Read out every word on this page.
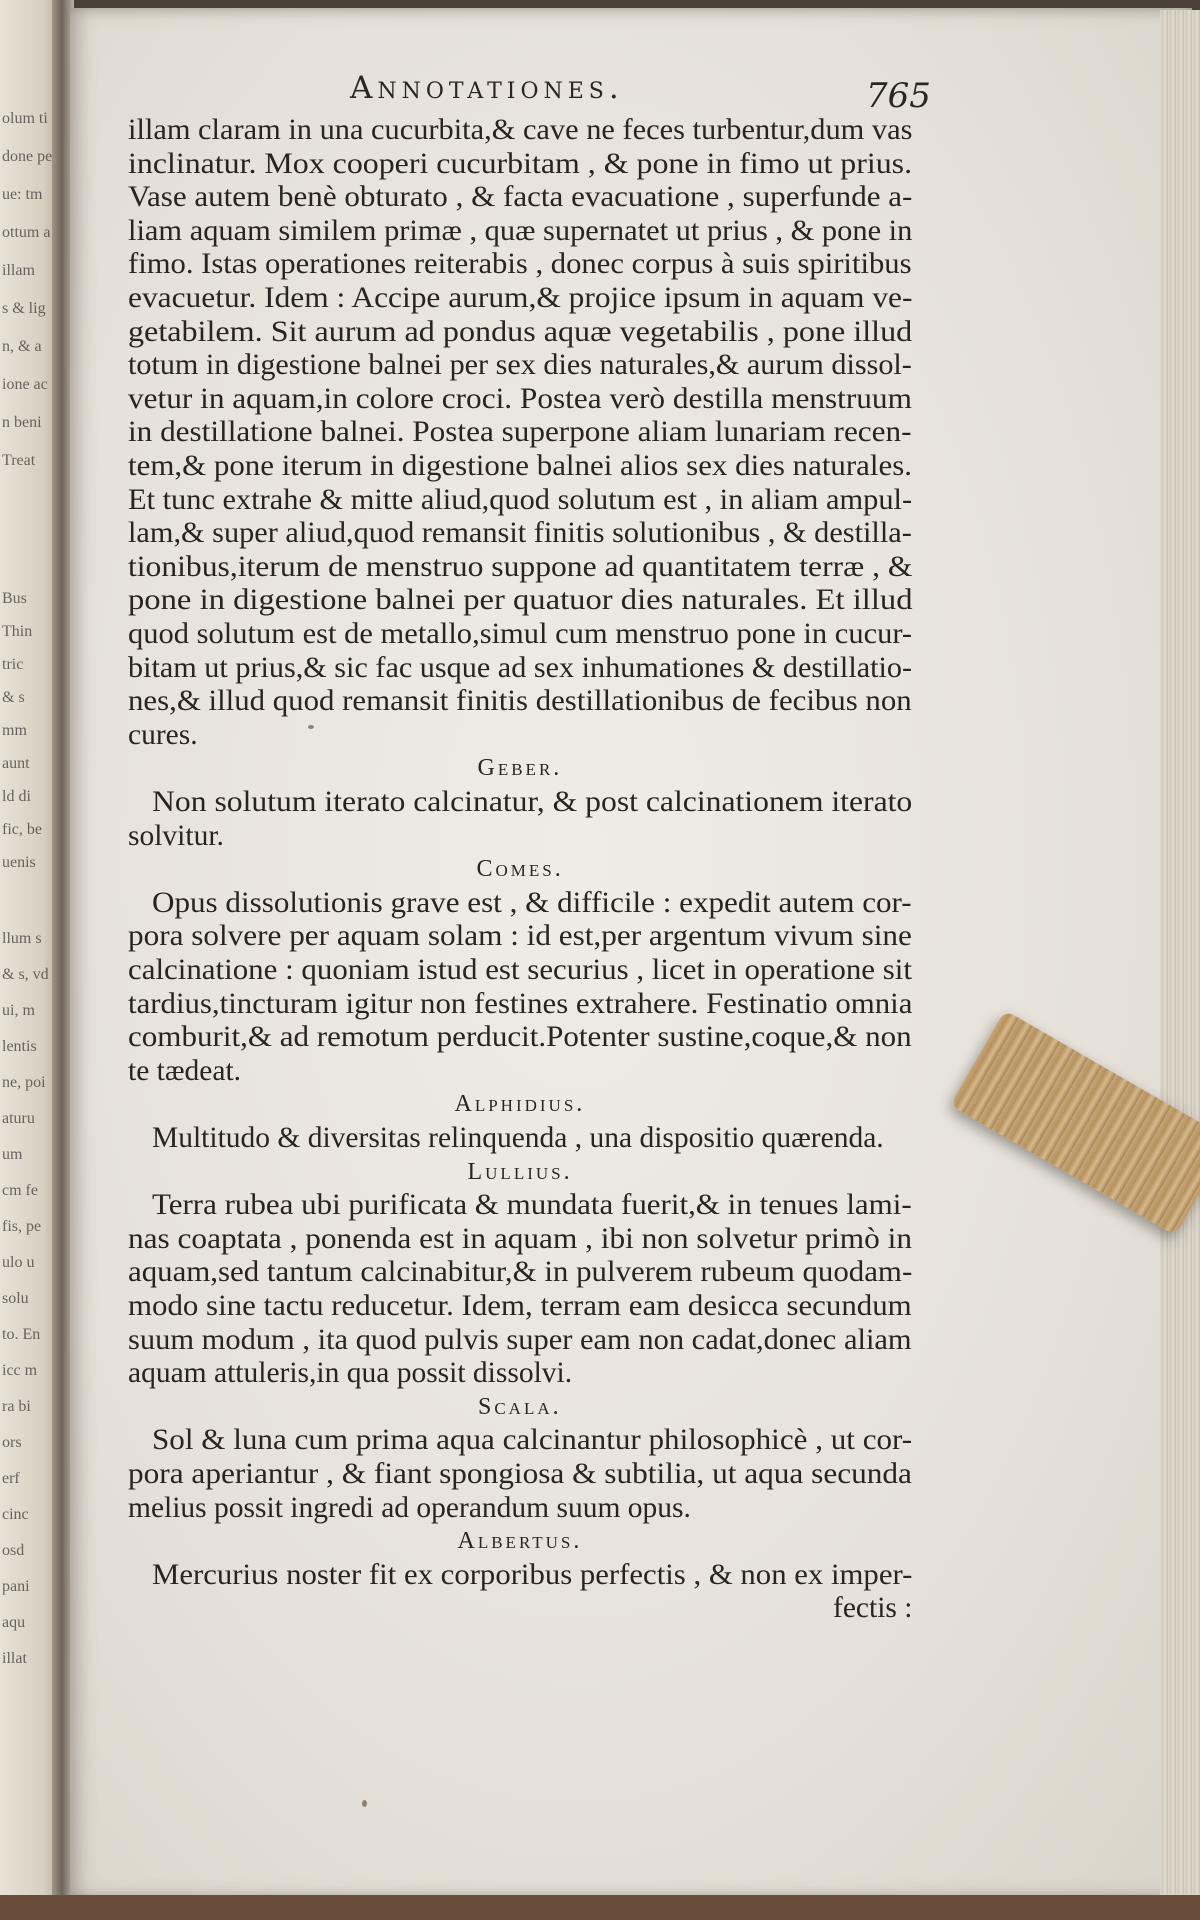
olum ti
done pe
ue: tm
ottum a
illam
s & lig
n, & a
ione ac
n beni
Treat
Bus
Thin
tric
& s
mm
aunt
ld di
fic, be
uenis
llum s
& s, vd
ui, m
lentis
ne, poi
aturu
um
cm fe
fis, pe
ulo u
solu
to. En
icc m
ra bi
ors
erf
cinc
osd
pani
aqu
illat
Annotationes.	765
illam claram in una cucurbita,& cave ne feces turbentur,dum vas
inclinatur. Mox cooperi cucurbitam , & pone in fimo ut prius.
Vase autem benè obturato , & facta evacuatione , superfunde a-
liam aquam similem primæ , quæ supernatet ut prius , & pone in
fimo. Istas operationes reiterabis , donec corpus à suis spiritibus
evacuetur. Idem : Accipe aurum,& projice ipsum in aquam ve-
getabilem. Sit aurum ad pondus aquæ vegetabilis , pone illud
totum in digestione balnei per sex dies naturales,& aurum dissol-
vetur in aquam,in colore croci. Postea verò destilla menstruum
in destillatione balnei. Postea superpone aliam lunariam recen-
tem,& pone iterum in digestione balnei alios sex dies naturales.
Et tunc extrahe & mitte aliud,quod solutum est , in aliam ampul-
lam,& super aliud,quod remansit finitis solutionibus , & destilla-
tionibus,iterum de menstruo suppone ad quantitatem terræ , &
pone in digestione balnei per quatuor dies naturales. Et illud
quod solutum est de metallo,simul cum menstruo pone in cucur-
bitam ut prius,& sic fac usque ad sex inhumationes & destillatio-
nes,& illud quod remansit finitis destillationibus de fecibus non
cures.
Geber.
Non solutum iterato calcinatur, & post calcinationem iterato
solvitur.
Comes.
Opus dissolutionis grave est , & difficile : expedit autem cor-
pora solvere per aquam solam : id est,per argentum vivum sine
calcinatione : quoniam istud est securius , licet in operatione sit
tardius,tincturam igitur non festines extrahere. Festinatio omnia
comburit,& ad remotum perducit.Potenter sustine,coque,& non
te tædeat.
Alphidius.
Multitudo & diversitas relinquenda , una dispositio quærenda.
Lullius.
Terra rubea ubi purificata & mundata fuerit,& in tenues lami-
nas coaptata , ponenda est in aquam , ibi non solvetur primò in
aquam,sed tantum calcinabitur,& in pulverem rubeum quodam-
modo sine tactu reducetur. Idem, terram eam desicca secundum
suum modum , ita quod pulvis super eam non cadat,donec aliam
aquam attuleris,in qua possit dissolvi.
Scala.
Sol & luna cum prima aqua calcinantur philosophicè , ut cor-
pora aperiantur , & fiant spongiosa & subtilia, ut aqua secunda
melius possit ingredi ad operandum suum opus.
Albertus.
Mercurius noster fit ex corporibus perfectis , & non ex imper-
fectis :
